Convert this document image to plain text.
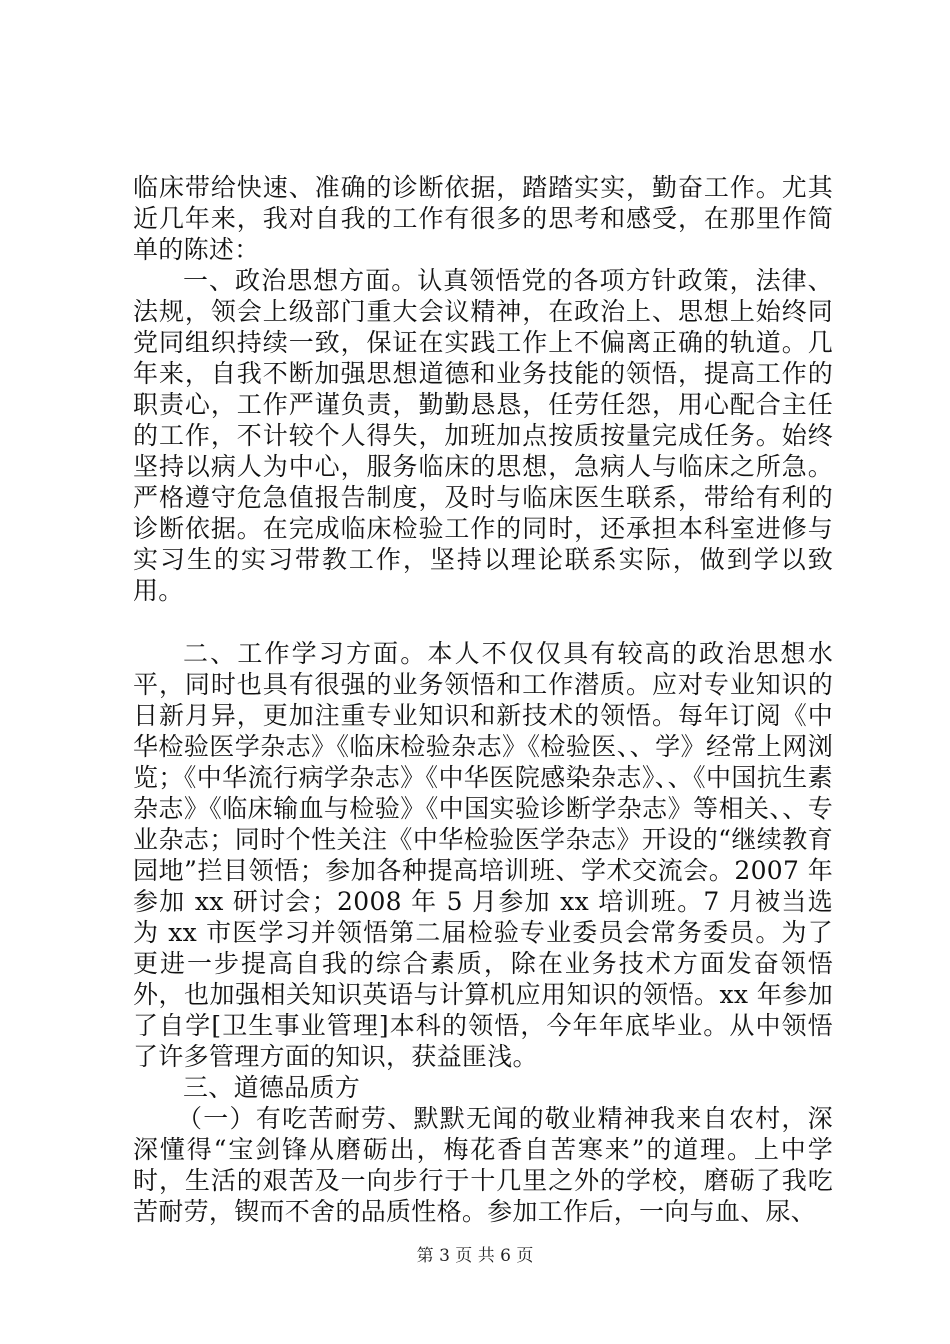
临床带给快速、准确的诊断依据，踏踏实实，勤奋工作。尤其近几年来，我对自我的工作有很多的思考和感受，在那里作简单的陈述：

一、政治思想方面。认真领悟党的各项方针政策，法律、法规，领会上级部门重大会议精神，在政治上、思想上始终同党同组织持续一致，保证在实践工作上不偏离正确的轨道。几年来，自我不断加强思想道德和业务技能的领悟，提高工作的职责心，工作严谨负责，勤勤恳恳，任劳任怨，用心配合主任的工作，不计较个人得失，加班加点按质按量完成任务。始终坚持以病人为中心，服务临床的思想，急病人与临床之所急。严格遵守危急值报告制度，及时与临床医生联系，带给有利的诊断依据。在完成临床检验工作的同时，还承担本科室进修与实习生的实习带教工作，坚持以理论联系实际，做到学以致用。

二、工作学习方面。本人不仅仅具有较高的政治思想水平，同时也具有很强的业务领悟和工作潜质。应对专业知识的日新月异，更加注重专业知识和新技术的领悟。每年订阅《中华检验医学杂志》《临床检验杂志》《检验医、、学》经常上网浏览；《中华流行病学杂志》《中华医院感染杂志》、、《中国抗生素杂志》《临床输血与检验》《中国实验诊断学杂志》等相关、、专业杂志；同时个性关注《中华检验医学杂志》开设的“继续教育园地”拦目领悟；参加各种提高培训班、学术交流会。2007 年参加 xx 研讨会；2008 年 5 月参加 xx 培训班。7 月被当选为 xx 市医学习并领悟第二届检验专业委员会常务委员。为了更进一步提高自我的综合素质，除在业务技术方面发奋领悟外，也加强相关知识英语与计算机应用知识的领悟。xx 年参加了自学[卫生事业管理]本科的领悟，今年年底毕业。从中领悟了许多管理方面的知识，获益匪浅。

三、道德品质方

（一）有吃苦耐劳、默默无闻的敬业精神我来自农村，深深懂得“宝剑锋从磨砺出，梅花香自苦寒来”的道理。上中学时，生活的艰苦及一向步行于十几里之外的学校，磨砺了我吃苦耐劳，锲而不舍的品质性格。参加工作后，一向与血、尿、

第 3 页 共 6 页
